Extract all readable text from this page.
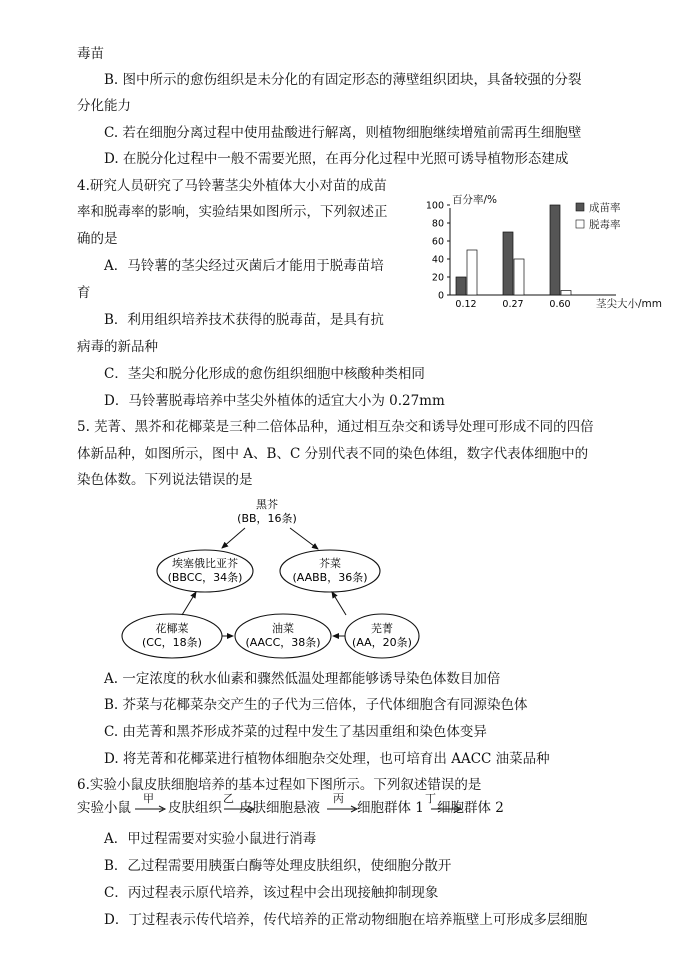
毒苗
B. 图中所示的愈伤组织是未分化的有固定形态的薄壁组织团块，具备较强的分裂
分化能力
C. 若在细胞分离过程中使用盐酸进行解离，则植物细胞继续增殖前需再生细胞壁
D. 在脱分化过程中一般不需要光照，在再分化过程中光照可诱导植物形态建成
4.研究人员研究了马铃薯茎尖外植体大小对苗的成苗
率和脱毒率的影响，实验结果如图所示，下列叙述正
确的是
A．马铃薯的茎尖经过灭菌后才能用于脱毒苗培
育
B．利用组织培养技术获得的脱毒苗，是具有抗
病毒的新品种
C．茎尖和脱分化形成的愈伤组织细胞中核酸种类相同
D．马铃薯脱毒培养中茎尖外植体的适宜大小为 0.27mm
5. 芜菁、黑芥和花椰菜是三种二倍体品种，通过相互杂交和诱导处理可形成不同的四倍
体新品种，如图所示，图中 A、B、C 分别代表不同的染色体组，数字代表体细胞中的
染色体数。下列说法错误的是
A. 一定浓度的秋水仙素和骤然低温处理都能够诱导染色体数目加倍
B. 芥菜与花椰菜杂交产生的子代为三倍体，子代体细胞含有同源染色体
C. 由芜菁和黑芥形成芥菜的过程中发生了基因重组和染色体变异
D. 将芜菁和花椰菜进行植物体细胞杂交处理，也可培育出 AACC 油菜品种
6.实验小鼠皮肤细胞培养的基本过程如下图所示。下列叙述错误的是
实验小鼠
甲
皮肤组织
乙
皮肤细胞悬液
丙
细胞群体 1
丁
细胞群体 2
A．甲过程需要对实验小鼠进行消毒
B．乙过程需要用胰蛋白酶等处理皮肤组织，使细胞分散开
C．丙过程表示原代培养，该过程中会出现接触抑制现象
D．丁过程表示传代培养，传代培养的正常动物细胞在培养瓶壁上可形成多层细胞
百分率/%
0
20
40
60
80
100
0.12	0.27	0.60 茎尖大小/mm
成苗率
脱毒率
黑芥
(BB，16条)
埃塞俄比亚芥
(BBCC，34条)
芥菜
(AABB，36条)
花椰菜
(CC，18条)
油菜
(AACC，38条)
芜菁
(AA，20条)
